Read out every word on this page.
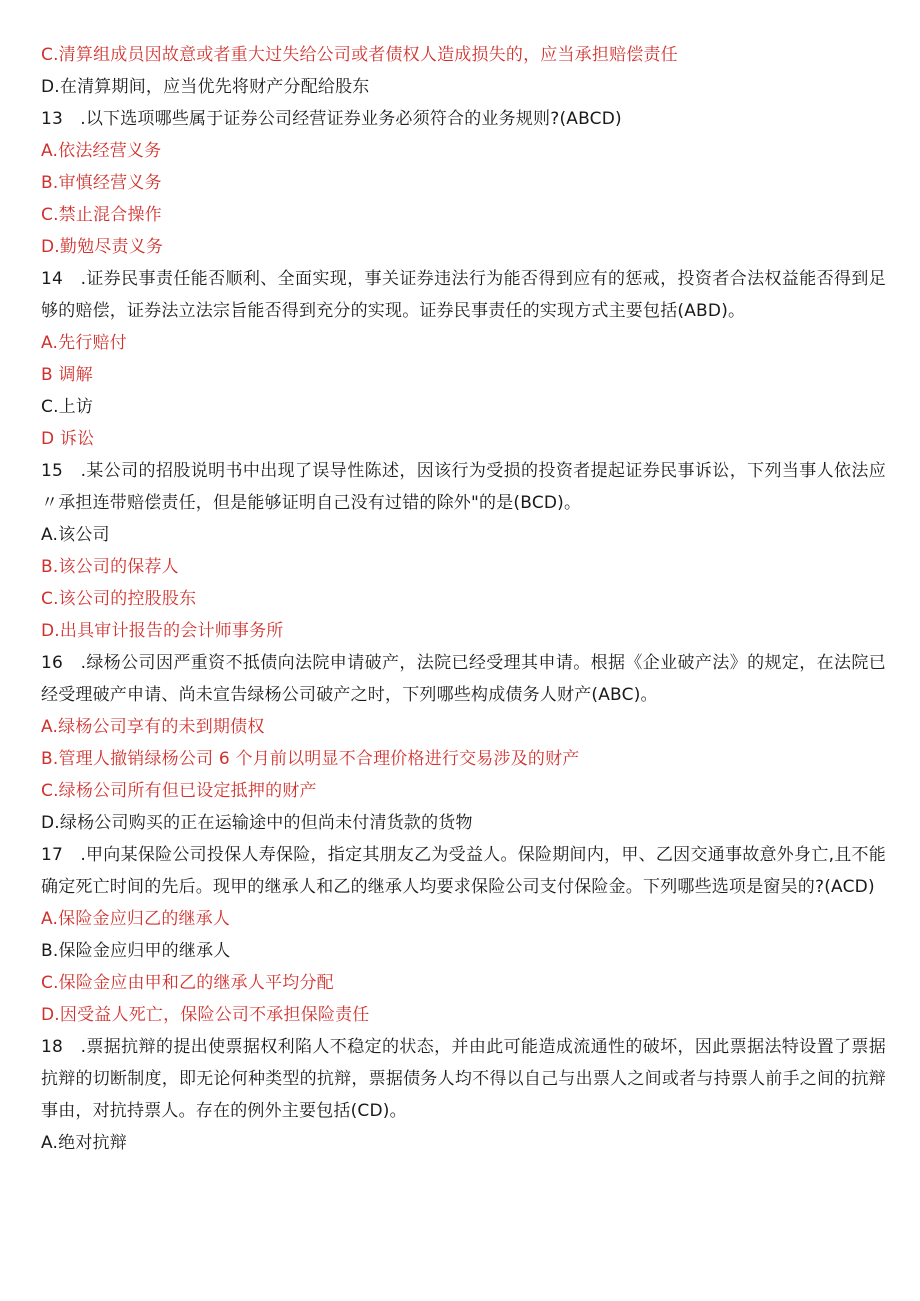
C.清算组成员因故意或者重大过失给公司或者债权人造成损失的，应当承担赔偿责任
D.在清算期间，应当优先将财产分配给股东
13　.以下选项哪些属于证券公司经营证券业务必须符合的业务规则?(ABCD)
A.依法经营义务
B.审慎经营义务
C.禁止混合操作
D.勤勉尽责义务
14　.证券民事责任能否顺利、全面实现，事关证券违法行为能否得到应有的惩戒，投资者合法权益能否得到足够的赔偿，证券法立法宗旨能否得到充分的实现。证券民事责任的实现方式主要包括(ABD)。
A.先行赔付
B 调解
C.上访
D 诉讼
15　.某公司的招股说明书中出现了误导性陈述，因该行为受损的投资者提起证券民事诉讼，下列当事人依法应〃承担连带赔偿责任，但是能够证明自己没有过错的除外"的是(BCD)。
A.该公司
B.该公司的保荐人
C.该公司的控股股东
D.出具审计报告的会计师事务所
16　.绿杨公司因严重资不抵债向法院申请破产，法院已经受理其申请。根据《企业破产法》的规定，在法院已经受理破产申请、尚未宣告绿杨公司破产之时，下列哪些构成债务人财产(ABC)。
A.绿杨公司享有的未到期债权
B.管理人撤销绿杨公司 6 个月前以明显不合理价格进行交易涉及的财产
C.绿杨公司所有但已设定抵押的财产
D.绿杨公司购买的正在运输途中的但尚未付清货款的货物
17　.甲向某保险公司投保人寿保险，指定其朋友乙为受益人。保险期间内，甲、乙因交通事故意外身亡,且不能确定死亡时间的先后。现甲的继承人和乙的继承人均要求保险公司支付保险金。下列哪些选项是窗吴的?(ACD)
A.保险金应归乙的继承人
B.保险金应归甲的继承人
C.保险金应由甲和乙的继承人平均分配
D.因受益人死亡，保险公司不承担保险责任
18　.票据抗辩的提出使票据权利陷人不稳定的状态，并由此可能造成流通性的破坏，因此票据法特设置了票据抗辩的切断制度，即无论何种类型的抗辩，票据债务人均不得以自己与出票人之间或者与持票人前手之间的抗辩事由，对抗持票人。存在的例外主要包括(CD)。
A.绝对抗辩
